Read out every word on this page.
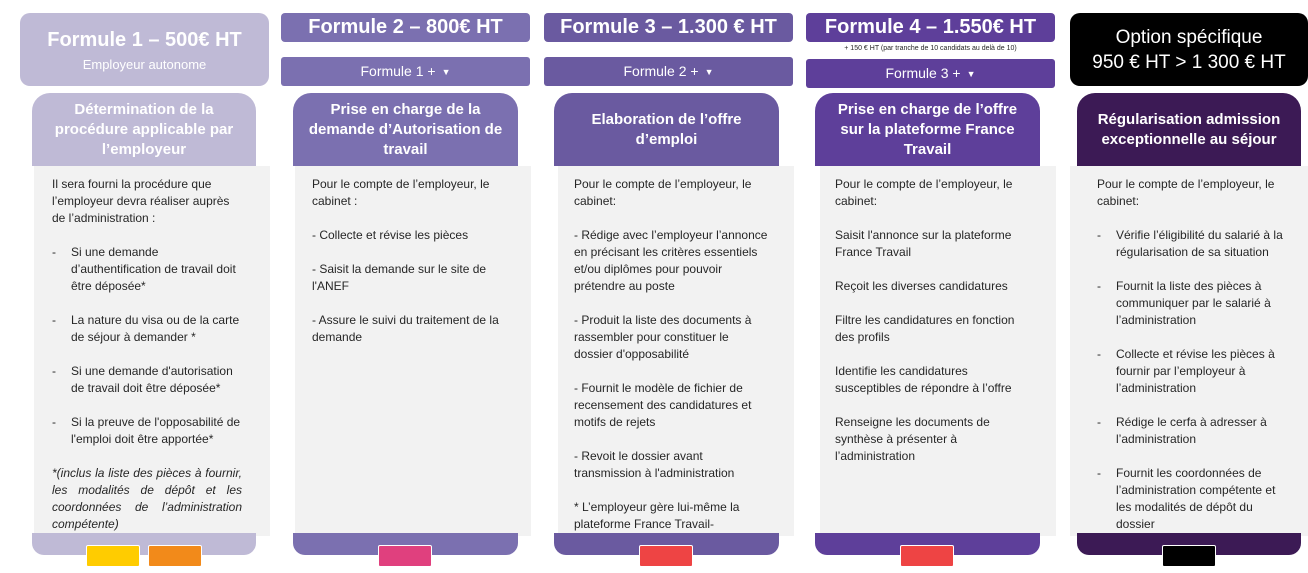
Formule 1 – 500€ HT
Employeur autonome
Détermination de la procédure applicable par l’employeur
Il sera fourni la procédure que l’employeur devra réaliser auprès de l’administration :
- Si une demande d’authentification de travail doit être déposée*
- La nature du visa ou de la carte de séjour à demander *
- Si une demande d'autorisation de travail doit être déposée*
- Si la preuve de l'opposabilité de l'emploi doit être apportée*
*(inclus la liste des pièces à fournir, les modalités de dépôt et les coordonnées de l’administration compétente)
Formule 2 – 800€ HT
Formule 1 + ▼
Prise en charge de la demande d’Autorisation de travail
Pour le compte de l’employeur, le cabinet :
- Collecte et révise les pièces
- Saisit la demande sur le site de l'ANEF
- Assure le suivi du traitement de la demande
Formule 3 – 1.300 € HT
Formule 2 + ▼
Elaboration de l’offre d’emploi
Pour le compte de l’employeur, le cabinet:
- Rédige avec l’employeur l’annonce en précisant les critères essentiels et/ou diplômes pour pouvoir prétendre au poste
- Produit la liste des documents à rassembler pour constituer le dossier d'opposabilité
- Fournit le modèle de fichier de recensement des candidatures et motifs de rejets
- Revoit le dossier avant transmission à l'administration
* L’employeur gère lui-même la plateforme France Travail-
Formule 4 – 1.550€ HT
+ 150 € HT (par tranche de 10 candidats au delà de 10)
Formule 3 + ▼
Prise en charge de l’offre sur la plateforme France Travail
Pour le compte de l’employeur, le cabinet:
Saisit l'annonce sur la plateforme France Travail
Reçoit les diverses candidatures
Filtre les candidatures en fonction des profils
Identifie les candidatures susceptibles de répondre à l’offre
Renseigne les documents de synthèse à présenter à l’administration
Option spécifique
950 € HT > 1 300 € HT
Régularisation admission exceptionnelle au séjour
Pour le compte de l’employeur, le cabinet:
- Vérifie l’éligibilité du salarié à la régularisation de sa situation
- Fournit la liste des pièces à communiquer par le salarié à l’administration
- Collecte et révise les pièces à fournir par l’employeur à l’administration
- Rédige le cerfa à adresser à l’administration
- Fournit les coordonnées de l’administration compétente et les modalités de dépôt du dossier
